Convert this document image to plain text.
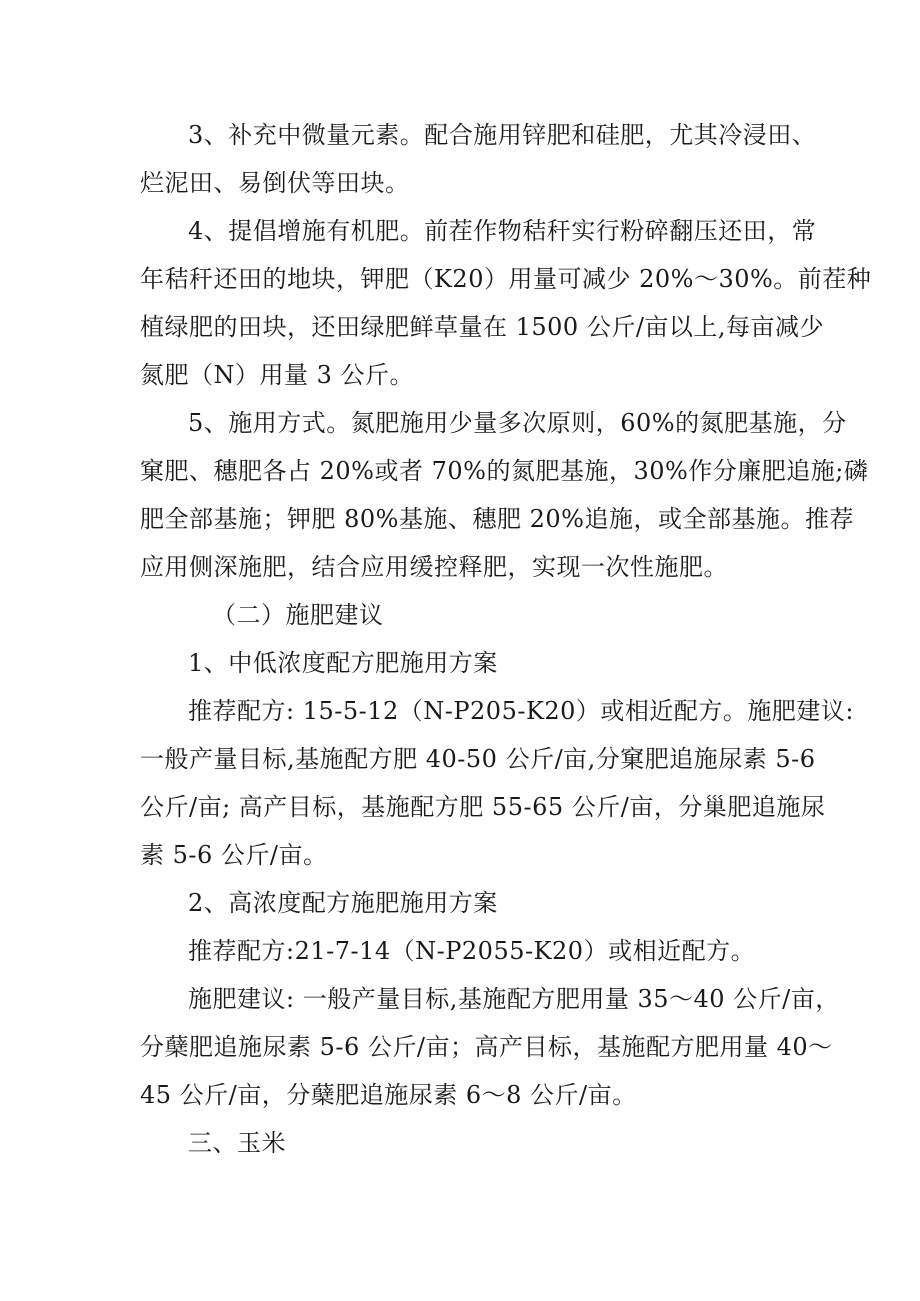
3、补充中微量元素。配合施用锌肥和硅肥，尤其冷浸田、
烂泥田、易倒伏等田块。
4、提倡增施有机肥。前茬作物秸秆实行粉碎翻压还田，常
年秸秆还田的地块，钾肥（K20）用量可减少 20%～30%。前茬种
植绿肥的田块，还田绿肥鲜草量在 1500 公斤/亩以上,每亩减少
氮肥（N）用量 3 公斤。
5、施用方式。氮肥施用少量多次原则，60%的氮肥基施，分
窠肥、穗肥各占 20%或者 70%的氮肥基施，30%作分廉肥追施;磷
肥全部基施；钾肥 80%基施、穗肥 20%追施，或全部基施。推荐
应用侧深施肥，结合应用缓控释肥，实现一次性施肥。
（二）施肥建议
1、中低浓度配方肥施用方案
推荐配方: 15-5-12（N-P205-K20）或相近配方。施肥建议:
一般产量目标,基施配方肥 40-50 公斤/亩,分窠肥追施尿素 5-6
公斤/亩; 高产目标，基施配方肥 55-65 公斤/亩，分巢肥追施尿
素 5-6 公斤/亩。
2、高浓度配方施肥施用方案
推荐配方:21-7-14（N-P2055-K20）或相近配方。
施肥建议: 一般产量目标,基施配方肥用量 35～40 公斤/亩，
分蘖肥追施尿素 5-6 公斤/亩；高产目标，基施配方肥用量 40～
45 公斤/亩，分蘖肥追施尿素 6～8 公斤/亩。
三、玉米
